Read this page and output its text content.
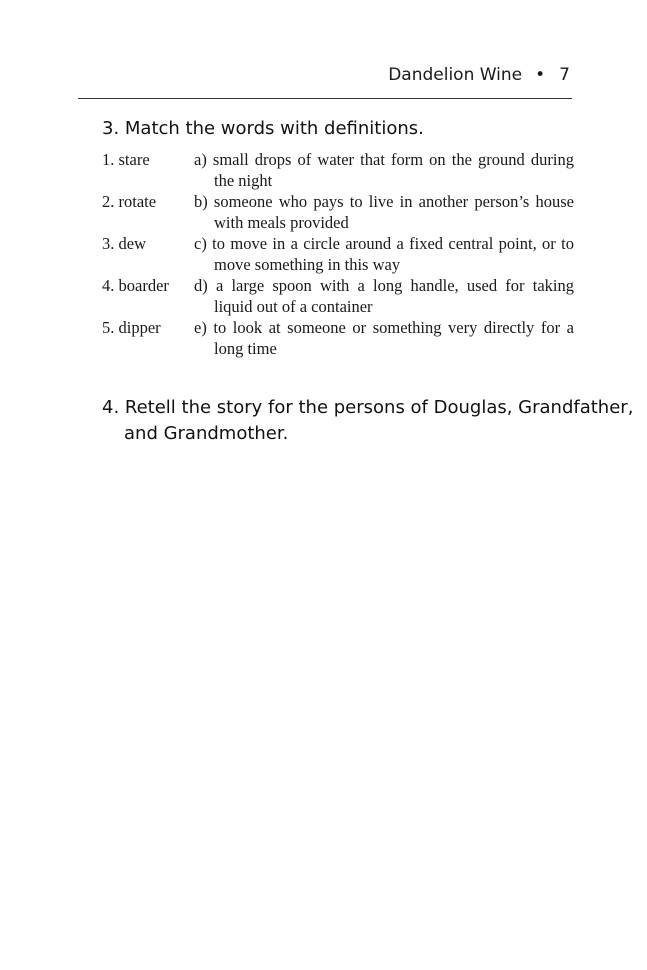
Dandelion Wine • 7
3. Match the words with definitions.
1. stare	a) small drops of water that form on the ground during the night
2. rotate	b) someone who pays to live in another person’s house with meals provided
3. dew	c) to move in a circle around a fixed central point, or to move something in this way
4. boarder	d) a large spoon with a long handle, used for taking liquid out of a container
5. dipper	e) to look at someone or something very directly for a long time
4. Retell the story for the persons of Douglas, Grandfather,
and Grandmother.
